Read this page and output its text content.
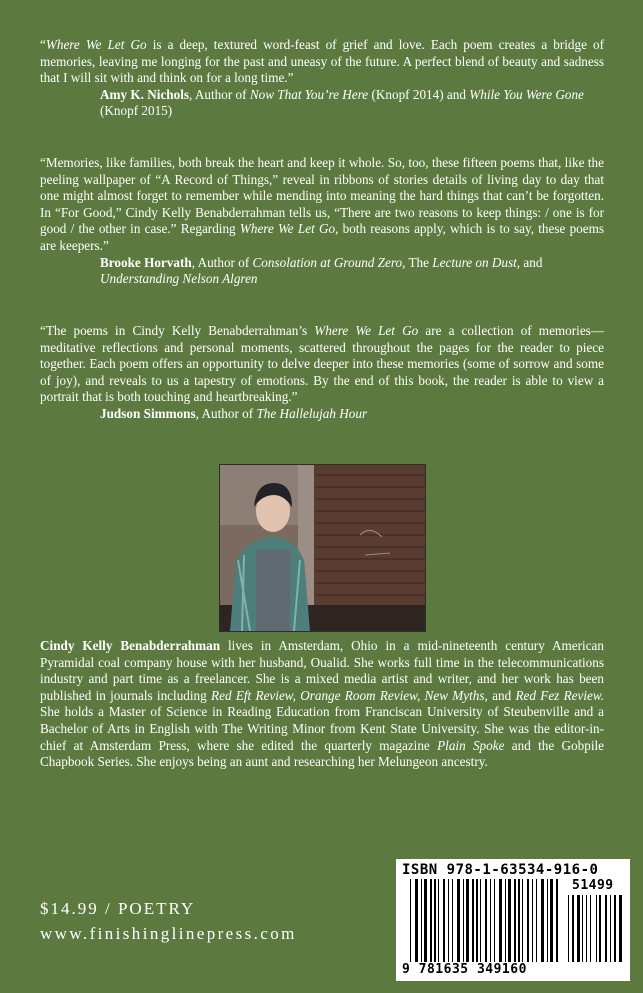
“Where We Let Go is a deep, textured word-feast of grief and love. Each poem creates a bridge of memories, leaving me longing for the past and uneasy of the future. A perfect blend of beauty and sadness that I will sit with and think on for a long time.”

Amy K. Nichols, Author of Now That You’re Here (Knopf 2014) and While You Were Gone (Knopf 2015)

“Memories, like families, both break the heart and keep it whole. So, too, these fifteen poems that, like the peeling wallpaper of “A Record of Things,” reveal in ribbons of stories details of living day to day that one might almost forget to remember while mending into meaning the hard things that can’t be forgotten. In “For Good,” Cindy Kelly Benabderrahman tells us, “There are two reasons to keep things: / one is for good / the other in case.” Regarding Where We Let Go, both reasons apply, which is to say, these poems are keepers.”

Brooke Horvath, Author of Consolation at Ground Zero, The Lecture on Dust, and
Understanding Nelson Algren

“The poems in Cindy Kelly Benabderrahman’s Where We Let Go are a collection of memories—meditative reflections and personal moments, scattered throughout the pages for the reader to piece together. Each poem offers an opportunity to delve deeper into these memories (some of sorrow and some of joy), and reveals to us a tapestry of emotions. By the end of this book, the reader is able to view a portrait that is both touching and heartbreaking.”

Judson Simmons, Author of The Hallelujah Hour

Cindy Kelly Benabderrahman lives in Amsterdam, Ohio in a mid-nineteenth century American Pyramidal coal company house with her husband, Oualid. She works full time in the telecommunications industry and part time as a freelancer. She is a mixed media artist and writer, and her work has been published in journals including Red Eft Review, Orange Room Review, New Myths, and Red Fez Review. She holds a Master of Science in Reading Education from Franciscan University of Steubenville and a Bachelor of Arts in English with The Writing Minor from Kent State University. She was the editor-in-chief at Amsterdam Press, where she edited the quarterly magazine Plain Spoke and the Gobpile Chapbook Series. She enjoys being an aunt and researching her Melungeon ancestry.

$14.99 / POETRY
www.finishinglinepress.com
ISBN 978-1-63534-916-0
51499
9 781635 349160
